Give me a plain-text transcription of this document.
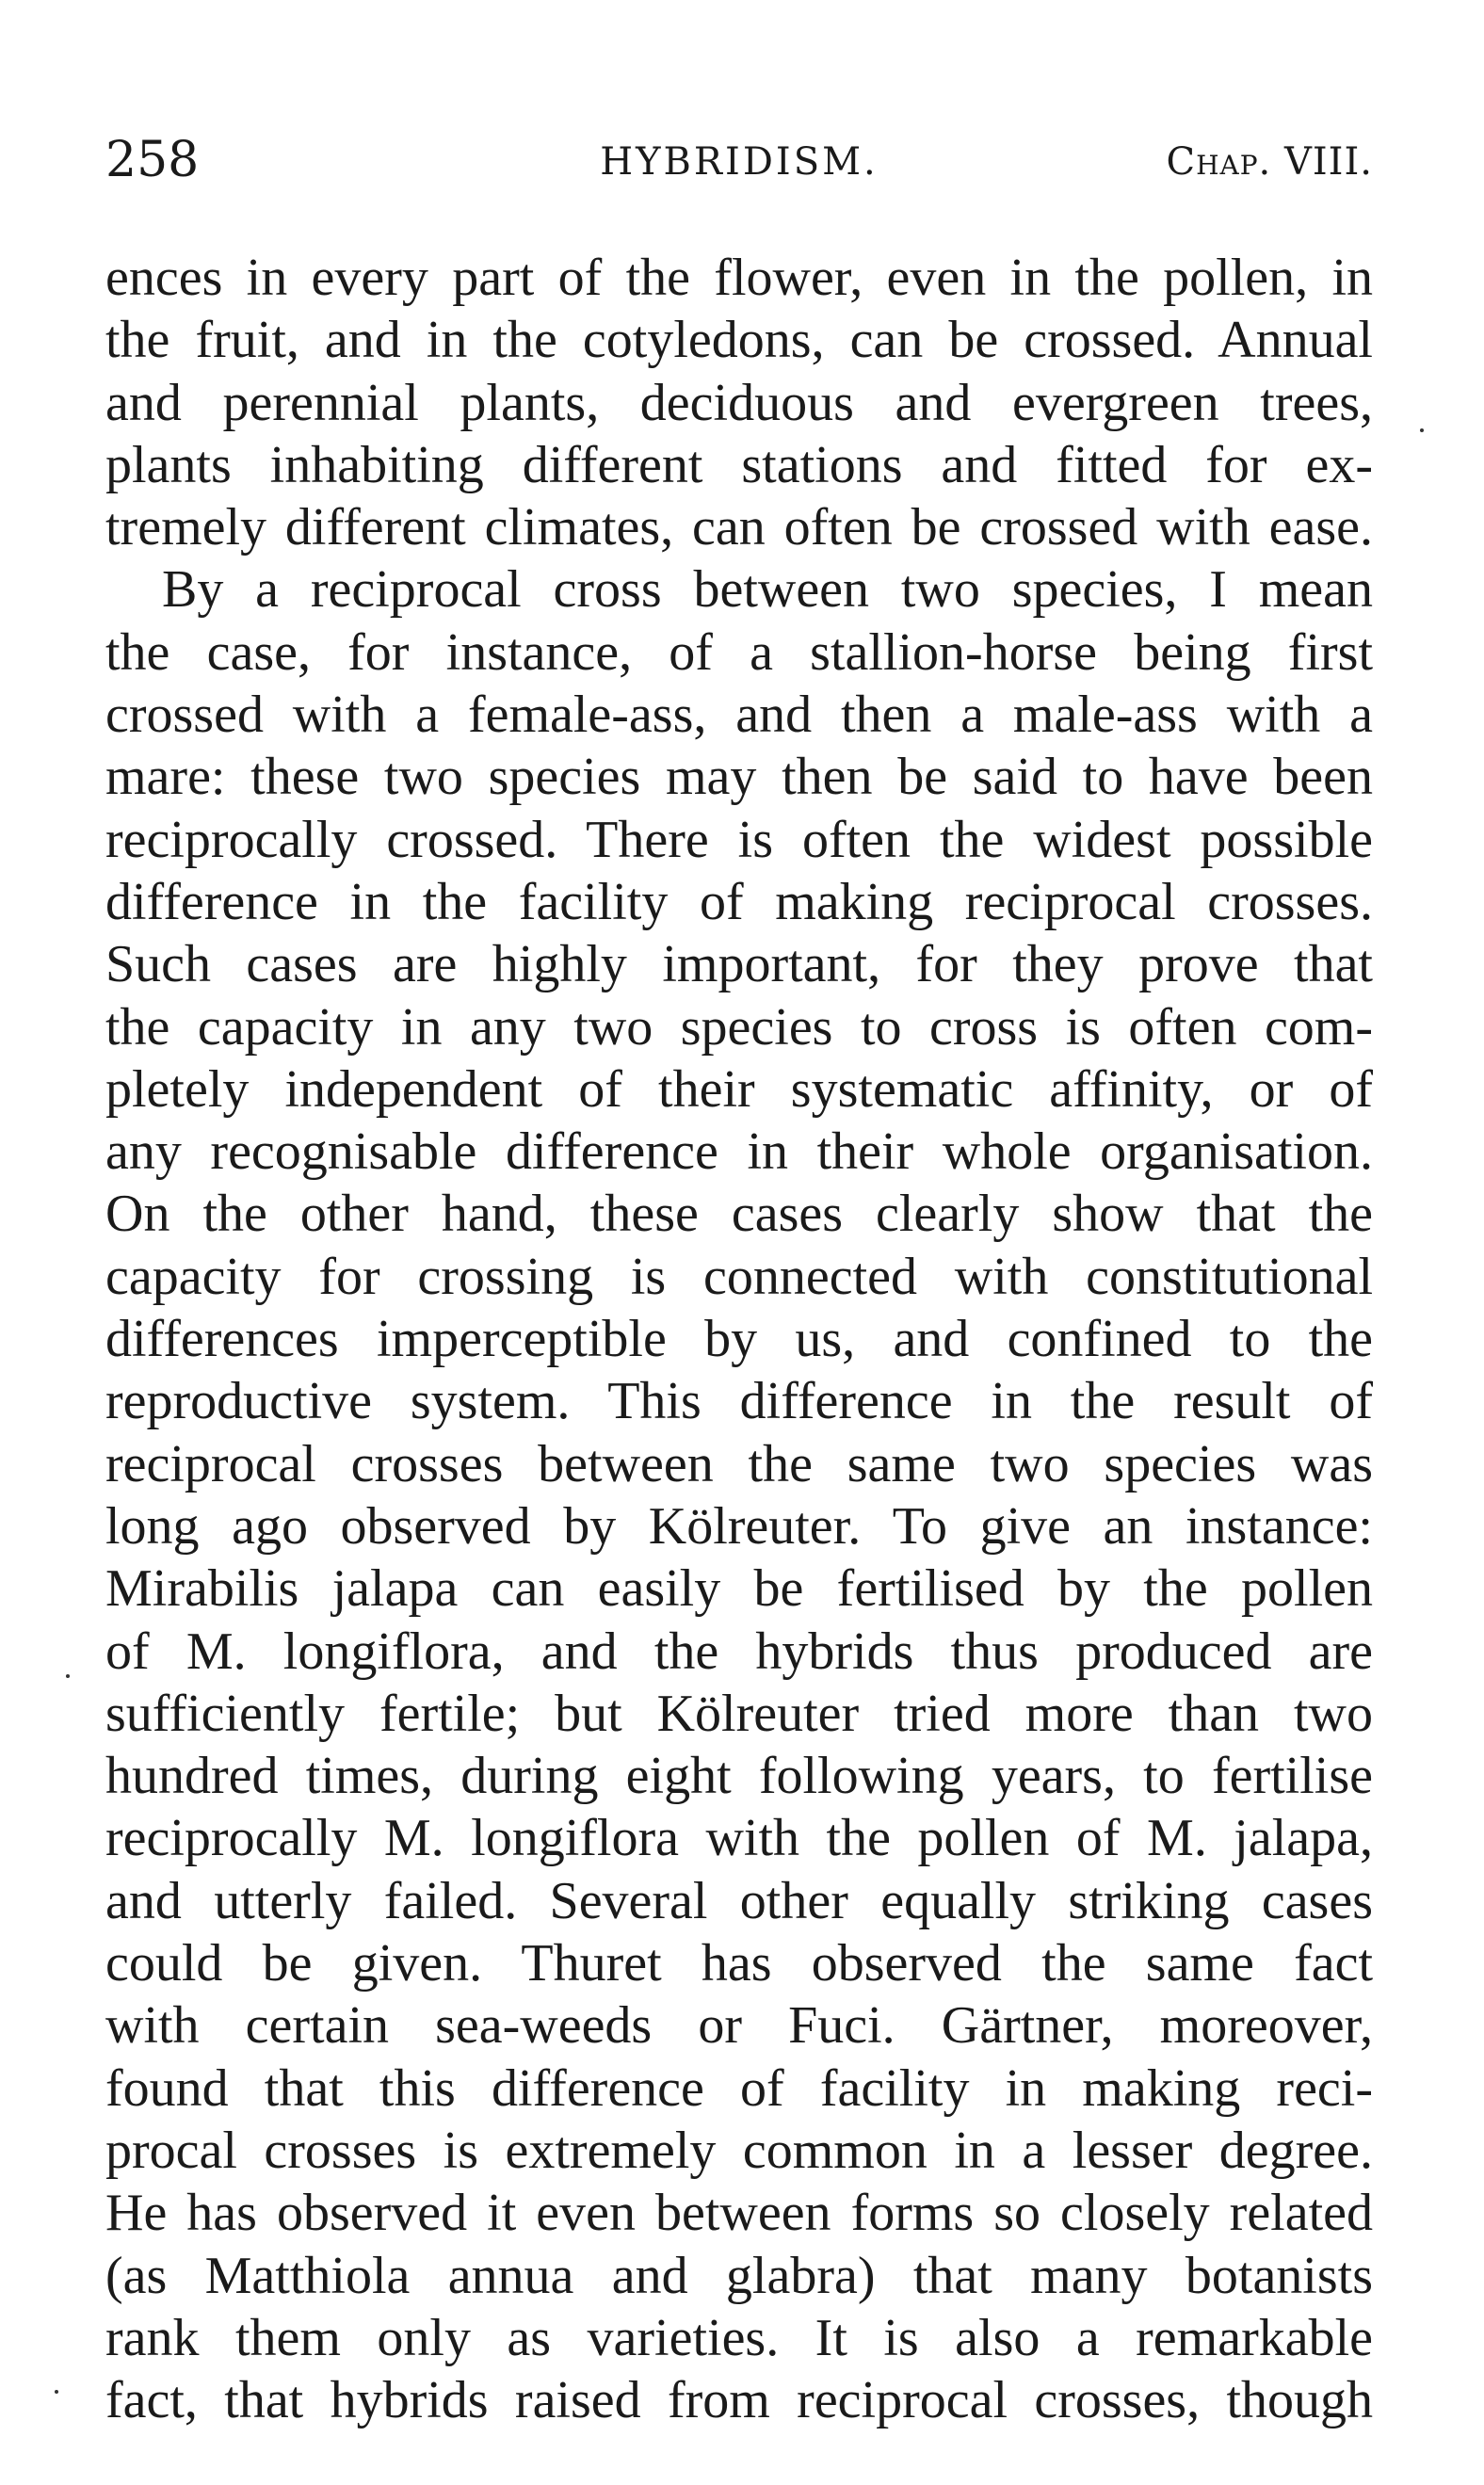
258	HYBRIDISM.	Chap. VIII.
ences in every part of the flower, even in the pollen, in
the fruit, and in the cotyledons, can be crossed. Annual
and perennial plants, deciduous and evergreen trees,
plants inhabiting different stations and fitted for ex-
tremely different climates, can often be crossed with ease.
By a reciprocal cross between two species, I mean
the case, for instance, of a stallion-horse being first
crossed with a female-ass, and then a male-ass with a
mare: these two species may then be said to have been
reciprocally crossed. There is often the widest possible
difference in the facility of making reciprocal crosses.
Such cases are highly important, for they prove that
the capacity in any two species to cross is often com-
pletely independent of their systematic affinity, or of
any recognisable difference in their whole organisation.
On the other hand, these cases clearly show that the
capacity for crossing is connected with constitutional
differences imperceptible by us, and confined to the
reproductive system. This difference in the result of
reciprocal crosses between the same two species was
long ago observed by Kölreuter. To give an instance:
Mirabilis jalapa can easily be fertilised by the pollen
of M. longiflora, and the hybrids thus produced are
sufficiently fertile; but Kölreuter tried more than two
hundred times, during eight following years, to fertilise
reciprocally M. longiflora with the pollen of M. jalapa,
and utterly failed. Several other equally striking cases
could be given. Thuret has observed the same fact
with certain sea-weeds or Fuci. Gärtner, moreover,
found that this difference of facility in making reci-
procal crosses is extremely common in a lesser degree.
He has observed it even between forms so closely related
(as Matthiola annua and glabra) that many botanists
rank them only as varieties. It is also a remarkable
fact, that hybrids raised from reciprocal crosses, though
